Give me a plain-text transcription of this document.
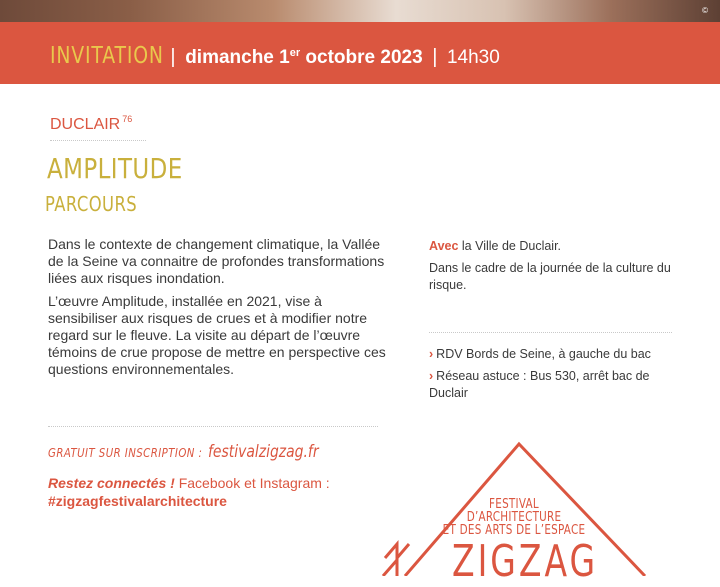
©
INVITATION | dimanche 1er octobre 2023 | 14h30
DUCLAIR $^{76}$
AMPLITUDE
PARCOURS

Dans le contexte de changement climatique, la Vallée de la Seine va connaitre de profondes transformations liées aux risques inondation.

L’œuvre Amplitude, installée en 2021, vise à sensibiliser aux risques de crues et à modifier notre regard sur le fleuve. La visite au départ de l’œuvre témoins de crue propose de mettre en perspective ces questions environnementales.

GRATUIT SUR INSCRIPTION :festivalzigzag.fr
Restez connectés ! Facebook et Instagram :
#zigzagfestivalarchitecture

Avec la Ville de Duclair.

Dans le cadre de la journée de la culture du risque.

› RDV Bords de Seine, à gauche du bac

› Réseau astuce : Bus 530, arrêt bac de Duclair

FESTIVAL
D’ARCHITECTURE
ET DES ARTS DE L’ESPACE
ZIGZAG
